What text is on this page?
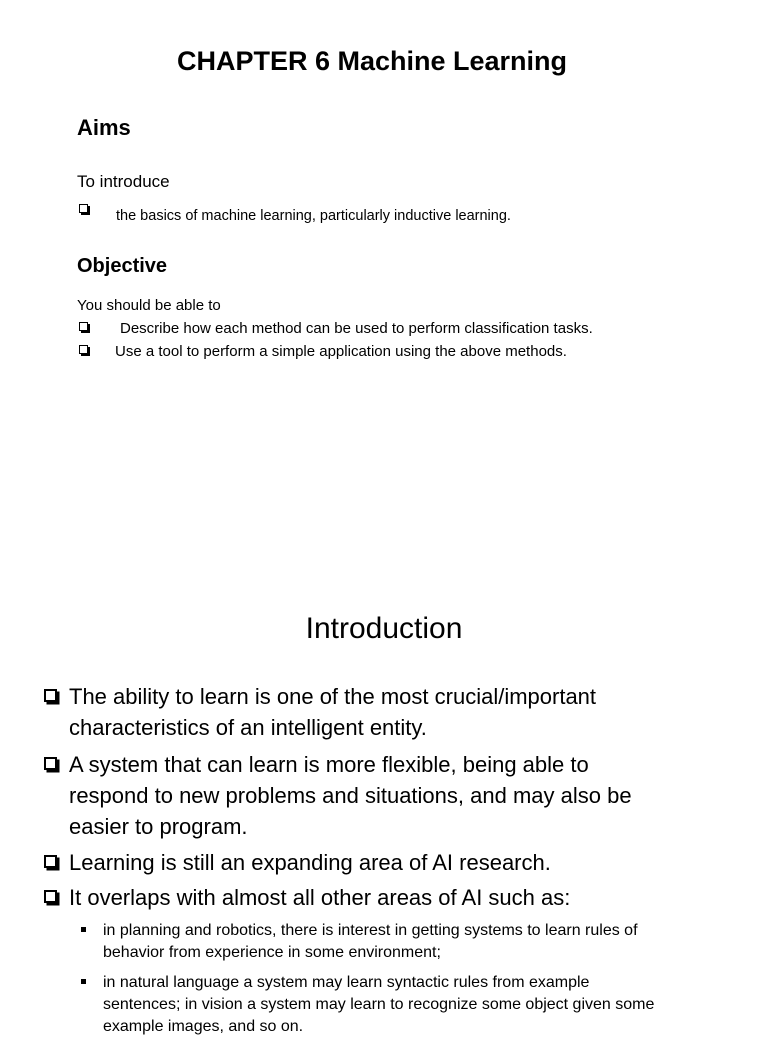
CHAPTER 6 Machine Learning
Aims
To introduce
the basics of machine learning, particularly inductive learning.
Objective
You should be able to
Describe how each method can be used to perform classification tasks.
Use a tool to perform a simple application using the above methods.
Introduction
The ability to learn is one of the most crucial/important
characteristics of an intelligent entity.
A system that can learn is more flexible, being able to
respond to new problems and situations, and may also be
easier to program.
Learning is still an expanding area of AI research.
It overlaps with almost all other areas of AI such as:
in planning and robotics, there is interest in getting systems to learn rules of
behavior from experience in some environment;
in natural language a system may learn syntactic rules from example
sentences; in vision a system may learn to recognize some object given some
example images, and so on.
